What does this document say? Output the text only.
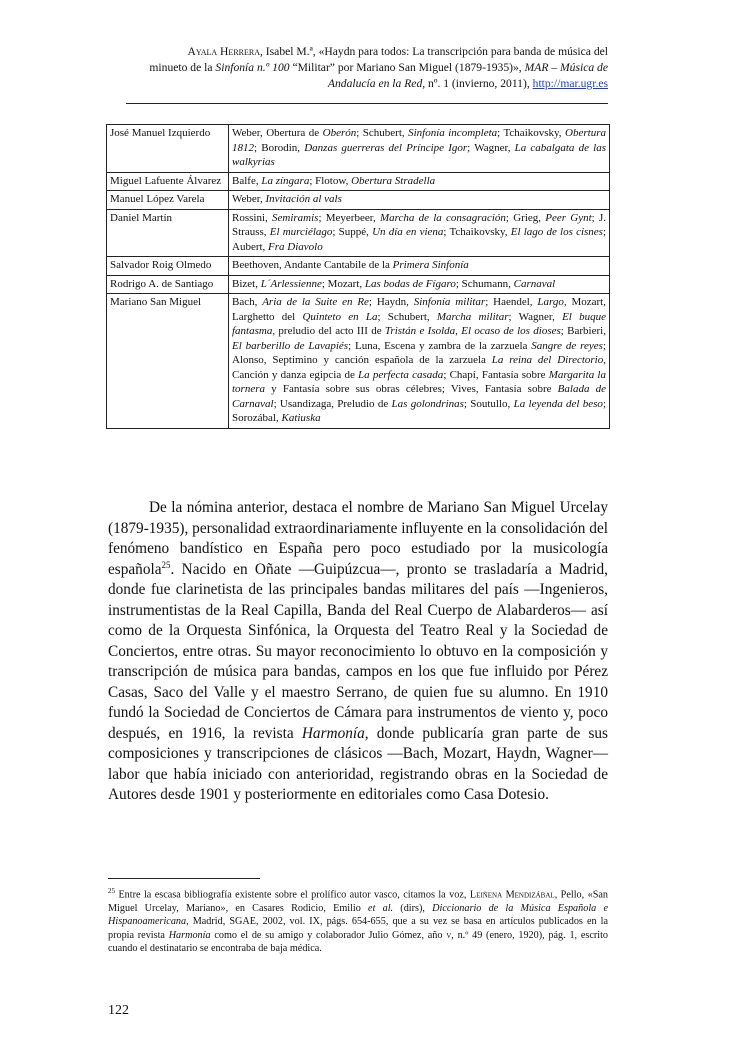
Ayala Herrera, Isabel M.ª, «Haydn para todos: La transcripción para banda de música del
minueto de la Sinfonía n.º 100 “Militar” por Mariano San Miguel (1879-1935)», MAR – Música de
Andalucía en la Red, nº. 1 (invierno, 2011), http://mar.ugr.es
José Manuel Izquierdo	Weber, Obertura de Oberón; Schubert, Sinfonía incompleta; Tchaikovsky, Obertura 1812; Borodin, Danzas guerreras del Príncipe Igor; Wagner, La cabalgata de las walkyrias
Miguel Lafuente Álvarez	Balfe, La zíngara; Flotow, Obertura Stradella
Manuel López Varela	Weber, Invitación al vals
Daniel Martín	Rossini, Semiramis; Meyerbeer, Marcha de la consagración; Grieg, Peer Gynt; J. Strauss, El murciélago; Suppé, Un día en viena; Tchaikovsky, El lago de los cisnes; Aubert, Fra Diavolo
Salvador Roig Olmedo	Beethoven, Andante Cantabile de la Primera Sinfonía
Rodrigo A. de Santiago	Bizet, L´Arlessienne; Mozart, Las bodas de Fígaro; Schumann, Carnaval
Mariano San Miguel	Bach, Aria de la Suite en Re; Haydn, Sinfonía militar; Haendel, Largo, Mozart, Larghetto del Quinteto en La; Schubert, Marcha militar; Wagner, El buque fantasma, preludio del acto III de Tristán e Isolda, El ocaso de los dioses; Barbieri, El barberillo de Lavapiés; Luna, Escena y zambra de la zarzuela Sangre de reyes; Alonso, Septimino y canción española de la zarzuela La reina del Directorio, Canción y danza egipcia de La perfecta casada; Chapí, Fantasía sobre Margarita la tornera y Fantasía sobre sus obras célebres; Vives, Fantasía sobre Balada de Carnaval; Usandizaga, Preludio de Las golondrinas; Soutullo, La leyenda del beso; Sorozábal, Katiuska

De la nómina anterior, destaca el nombre de Mariano San Miguel Urcelay (1879-1935), personalidad extraordinariamente influyente en la consolidación del fenómeno bandístico en España pero poco estudiado por la musicología española$^{25}$. Nacido en Oñate —Guipúzcua—, pronto se trasladaría a Madrid, donde fue clarinetista de las principales bandas militares del país —Ingenieros, instrumentistas de la Real Capilla, Banda del Real Cuerpo de Alabarderos— así como de la Orquesta Sinfónica, la Orquesta del Teatro Real y la Sociedad de Conciertos, entre otras. Su mayor reconocimiento lo obtuvo en la composición y transcripción de música para bandas, campos en los que fue influido por Pérez Casas, Saco del Valle y el maestro Serrano, de quien fue su alumno. En 1910 fundó la Sociedad de Conciertos de Cámara para instrumentos de viento y, poco después, en 1916, la revista Harmonía, donde publicaría gran parte de sus composiciones y transcripciones de clásicos —Bach, Mozart, Haydn, Wagner— labor que había iniciado con anterioridad, registrando obras en la Sociedad de Autores desde 1901 y posteriormente en editoriales como Casa Dotesio.

$^{25}$ Entre la escasa bibliografía existente sobre el prolífico autor vasco, citamos la voz, Leiñena Mendizábal, Pello, «San Miguel Urcelay, Mariano», en Casares Rodicio, Emilio et al. (dirs), Diccionario de la Música Española e Hispanoamericana, Madrid, SGAE, 2002, vol. IX, págs. 654-655, que a su vez se basa en artículos publicados en la propia revista Harmonía como el de su amigo y colaborador Julio Gómez, año v, n.º 49 (enero, 1920), pág. 1, escrito cuando el destinatario se encontraba de baja médica.

122
